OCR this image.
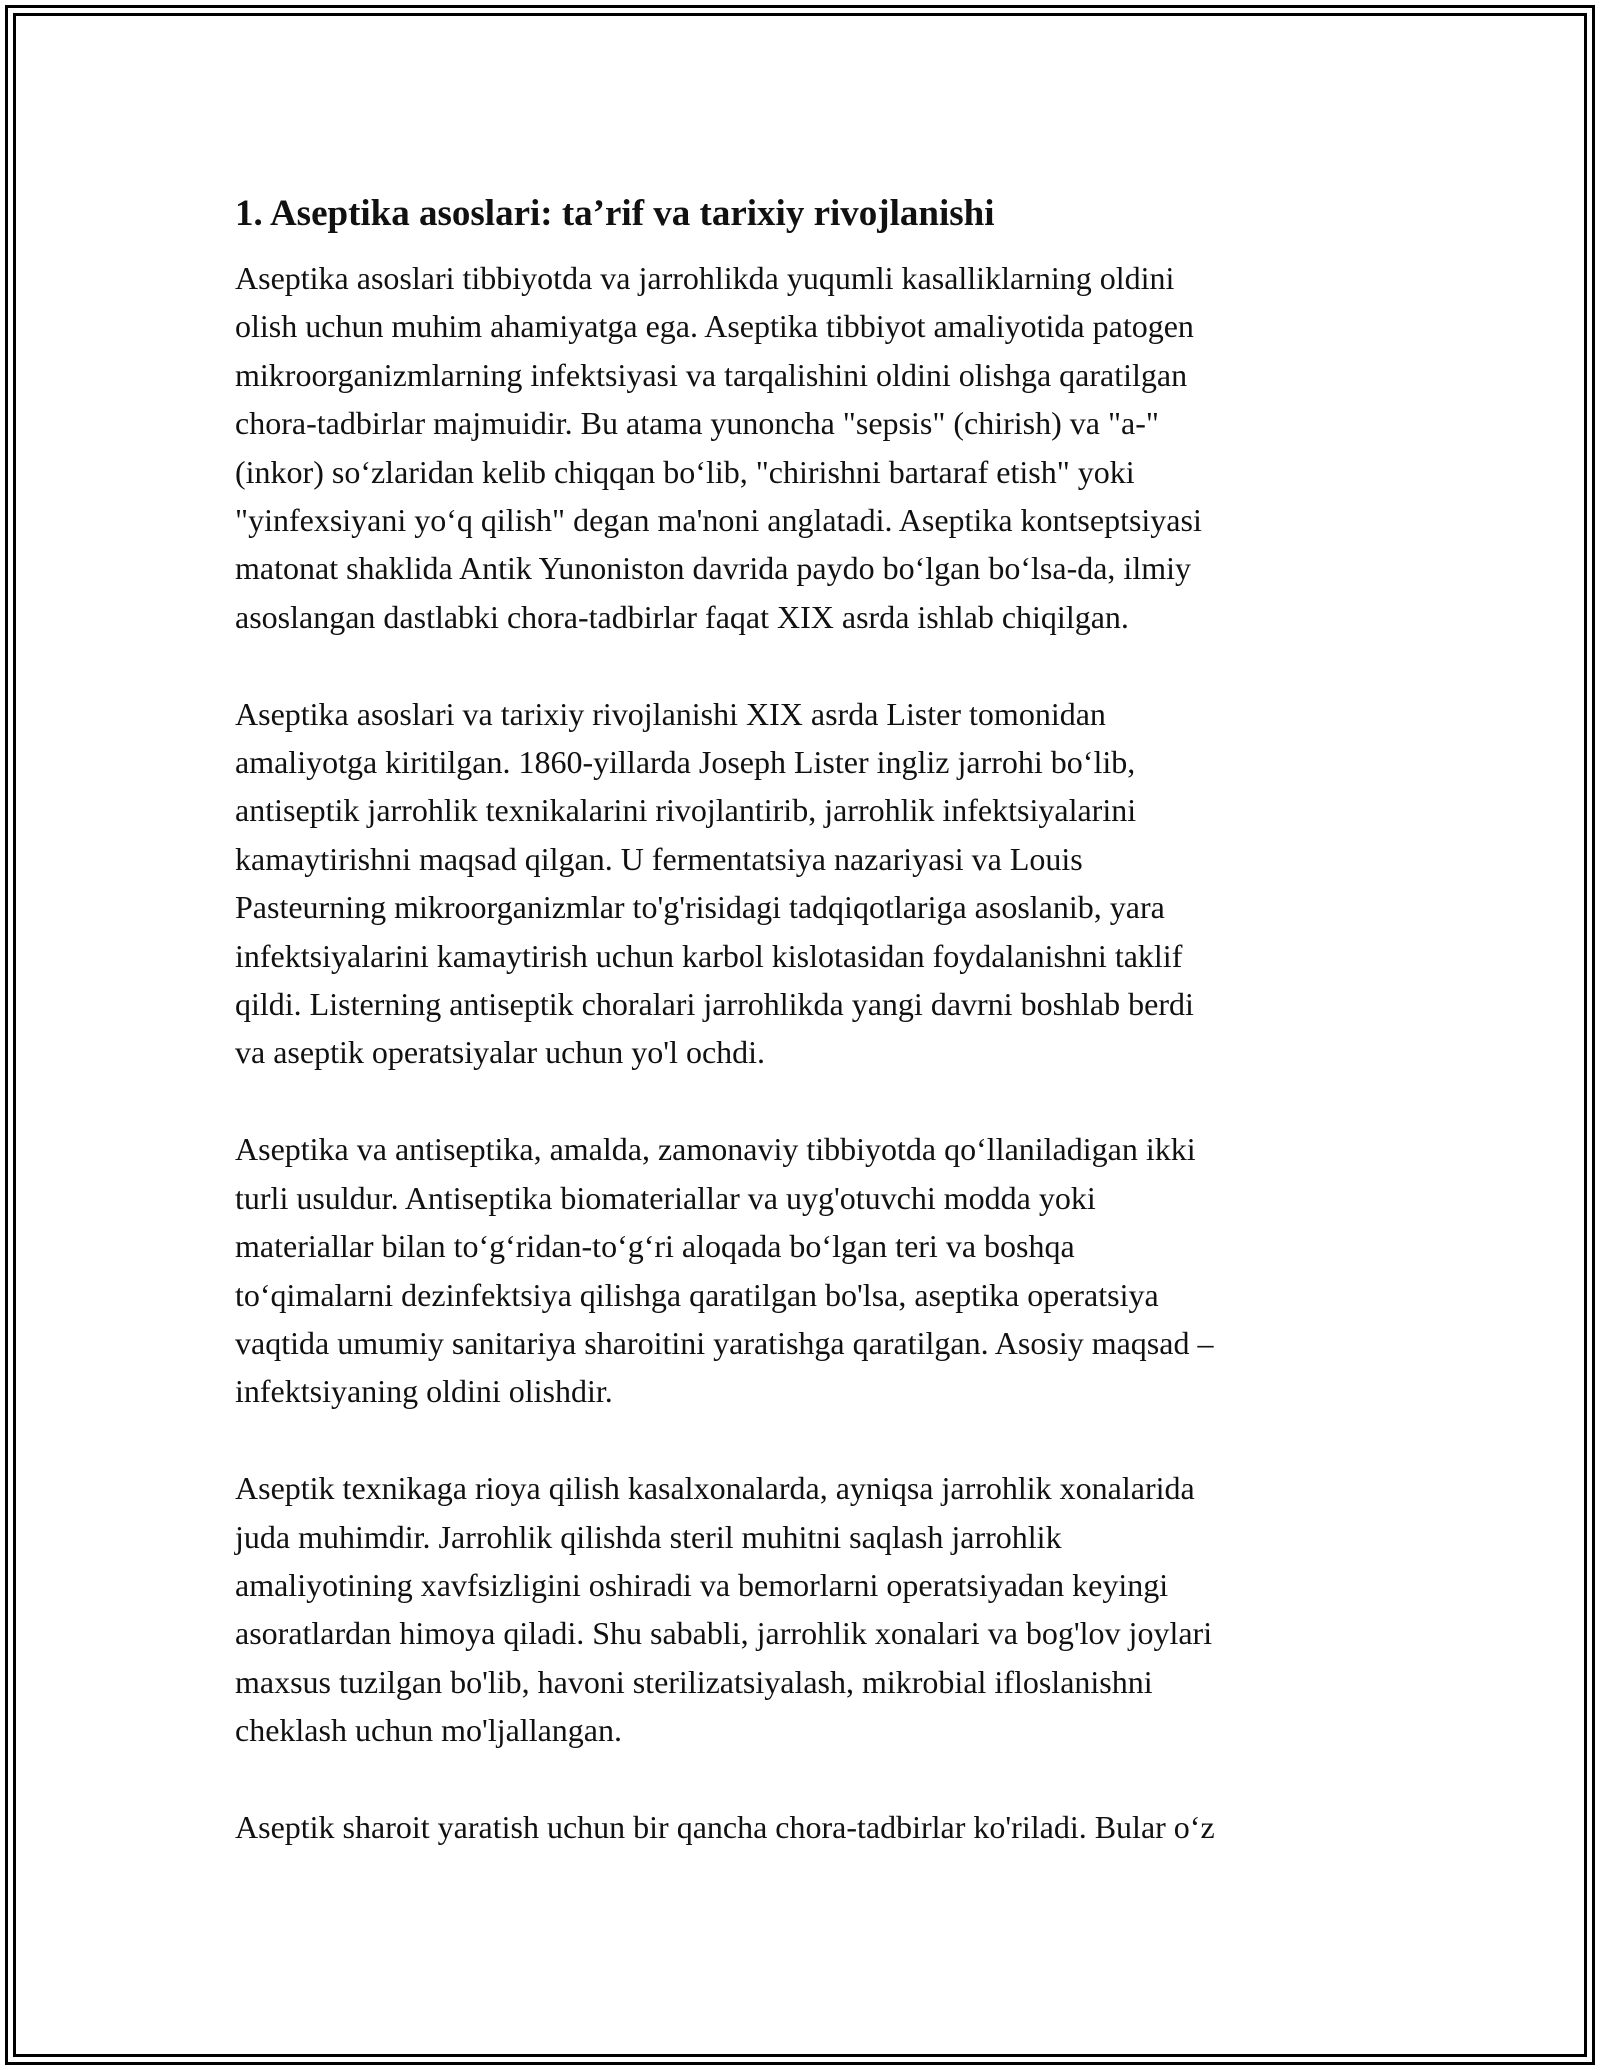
1. Aseptika asoslari: ta’rif va tarixiy rivojlanishi
Aseptika asoslari tibbiyotda va jarrohlikda yuqumli kasalliklarning oldini
olish uchun muhim ahamiyatga ega. Aseptika tibbiyot amaliyotida patogen
mikroorganizmlarning infektsiyasi va tarqalishini oldini olishga qaratilgan
chora-tadbirlar majmuidir. Bu atama yunoncha "sepsis" (chirish) va "a-"
(inkor) so‘zlaridan kelib chiqqan bo‘lib, "chirishni bartaraf etish" yoki
"yinfexsiyani yo‘q qilish" degan ma'noni anglatadi. Aseptika kontseptsiyasi
matonat shaklida Antik Yunoniston davrida paydo bo‘lgan bo‘lsa-da, ilmiy
asoslangan dastlabki chora-tadbirlar faqat XIX asrda ishlab chiqilgan.
Aseptika asoslari va tarixiy rivojlanishi XIX asrda Lister tomonidan
amaliyotga kiritilgan. 1860-yillarda Joseph Lister ingliz jarrohi bo‘lib,
antiseptik jarrohlik texnikalarini rivojlantirib, jarrohlik infektsiyalarini
kamaytirishni maqsad qilgan. U fermentatsiya nazariyasi va Louis
Pasteurning mikroorganizmlar to'g'risidagi tadqiqotlariga asoslanib, yara
infektsiyalarini kamaytirish uchun karbol kislotasidan foydalanishni taklif
qildi. Listerning antiseptik choralari jarrohlikda yangi davrni boshlab berdi
va aseptik operatsiyalar uchun yo'l ochdi.
Aseptika va antiseptika, amalda, zamonaviy tibbiyotda qo‘llaniladigan ikki
turli usuldur. Antiseptika biomateriallar va uyg'otuvchi modda yoki
materiallar bilan to‘g‘ridan-to‘g‘ri aloqada bo‘lgan teri va boshqa
to‘qimalarni dezinfektsiya qilishga qaratilgan bo'lsa, aseptika operatsiya
vaqtida umumiy sanitariya sharoitini yaratishga qaratilgan. Asosiy maqsad –
infektsiyaning oldini olishdir.
Aseptik texnikaga rioya qilish kasalxonalarda, ayniqsa jarrohlik xonalarida
juda muhimdir. Jarrohlik qilishda steril muhitni saqlash jarrohlik
amaliyotining xavfsizligini oshiradi va bemorlarni operatsiyadan keyingi
asoratlardan himoya qiladi. Shu sababli, jarrohlik xonalari va bog'lov joylari
maxsus tuzilgan bo'lib, havoni sterilizatsiyalash, mikrobial ifloslanishni
cheklash uchun mo'ljallangan.
Aseptik sharoit yaratish uchun bir qancha chora-tadbirlar ko'riladi. Bular o‘z
